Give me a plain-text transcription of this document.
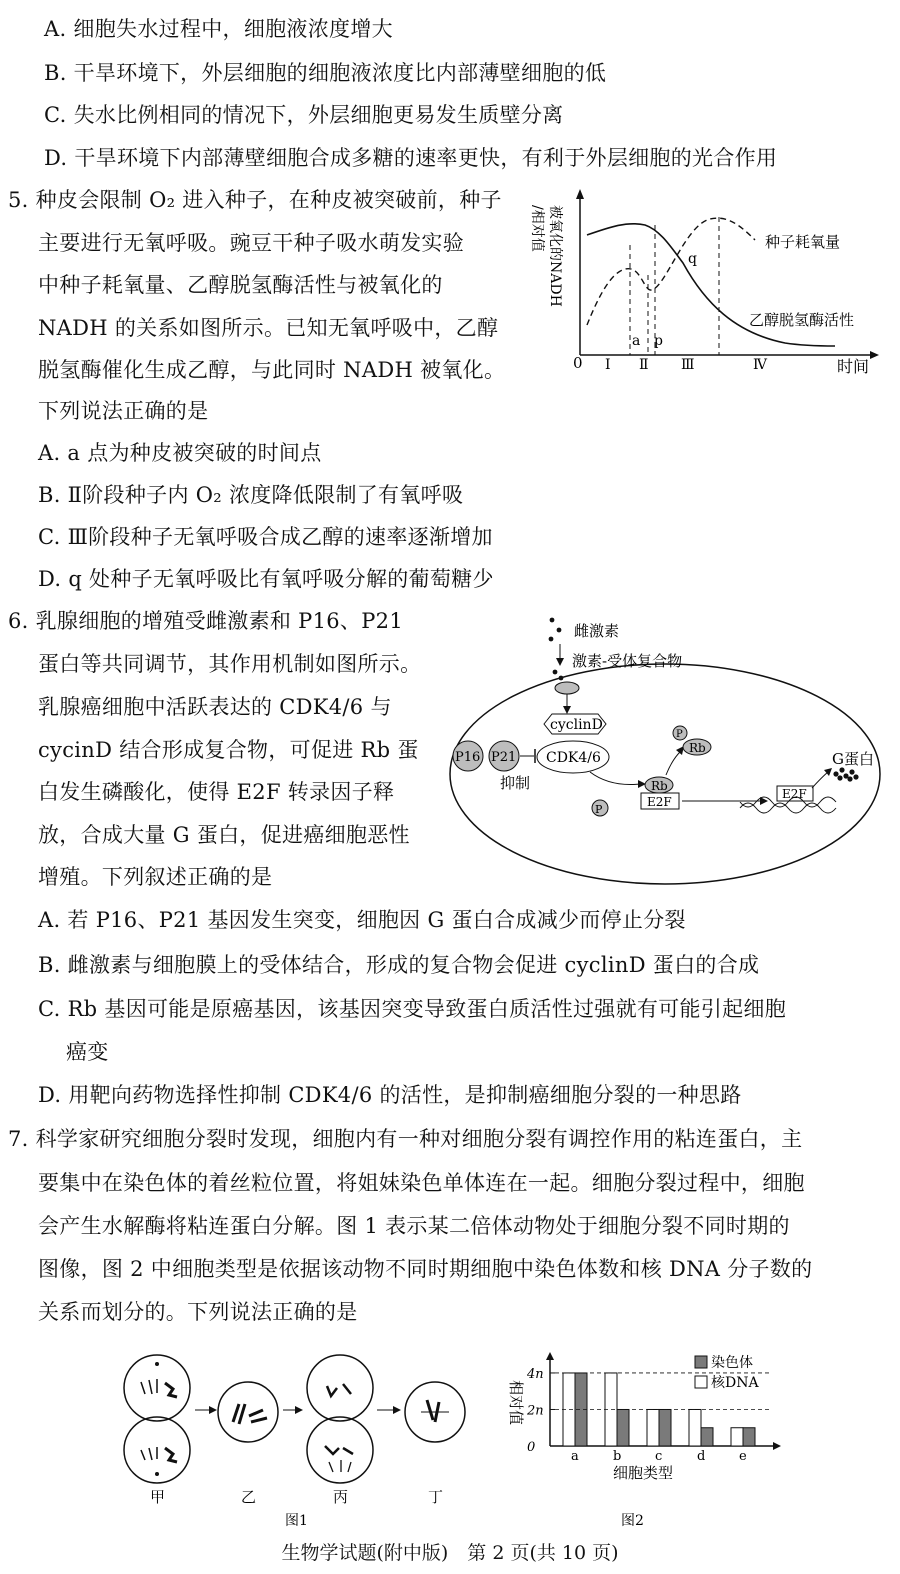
A. 细胞失水过程中，细胞液浓度增大
B. 干旱环境下，外层细胞的细胞液浓度比内部薄壁细胞的低
C. 失水比例相同的情况下，外层细胞更易发生质壁分离
D. 干旱环境下内部薄壁细胞合成多糖的速率更快，有利于外层细胞的光合作用
5. 种皮会限制 O₂ 进入种子，在种皮被突破前，种子
主要进行无氧呼吸。豌豆干种子吸水萌发实验
中种子耗氧量、乙醇脱氢酶活性与被氧化的
NADH 的关系如图所示。已知无氧呼吸中，乙醇
脱氢酶催化生成乙醇，与此同时 NADH 被氧化。
下列说法正确的是
A. a 点为种皮被突破的时间点
B. Ⅱ阶段种子内 O₂ 浓度降低限制了有氧呼吸
C. Ⅲ阶段种子无氧呼吸合成乙醇的速率逐渐增加
D. q 处种子无氧呼吸比有氧呼吸分解的葡萄糖少
0	时间
被氧化的NADH
/相对值
a p
q
Ⅰ Ⅱ Ⅲ	Ⅳ
种子耗氧量
乙醇脱氢酶活性
6. 乳腺细胞的增殖受雌激素和 P16、P21
蛋白等共同调节，其作用机制如图所示。
乳腺癌细胞中活跃表达的 CDK4/6 与
cycinD 结合形成复合物，可促进 Rb 蛋
白发生磷酸化，使得 E2F 转录因子释
放，合成大量 G 蛋白，促进癌细胞恶性
增殖。下列叙述正确的是
A. 若 P16、P21 基因发生突变，细胞因 G 蛋白合成减少而停止分裂
B. 雌激素与细胞膜上的受体结合，形成的复合物会促进 cyclinD 蛋白的合成
C. Rb 基因可能是原癌基因，该基因突变导致蛋白质活性过强就有可能引起细胞
癌变
D. 用靶向药物选择性抑制 CDK4/6 的活性，是抑制癌细胞分裂的一种思路
雌激素
激素-受体复合物
cyclinD
CDK4/6
P16 P21
抑制
P
Rb
E2F
P
Rb
E2F
G蛋白
7. 科学家研究细胞分裂时发现，细胞内有一种对细胞分裂有调控作用的粘连蛋白，主
要集中在染色体的着丝粒位置，将姐妹染色单体连在一起。细胞分裂过程中，细胞
会产生水解酶将粘连蛋白分解。图 1 表示某二倍体动物处于细胞分裂不同时期的
图像，图 2 中细胞类型是依据该动物不同时期细胞中染色体数和核 DNA 分子数的
关系而划分的。下列说法正确的是
甲	乙	丙	丁
图1
相对值
细胞类型
图2
a	b	c	d	e
0
2n
4n
染色体
核DNA
生物学试题(附中版)　第 2 页(共 10 页)
